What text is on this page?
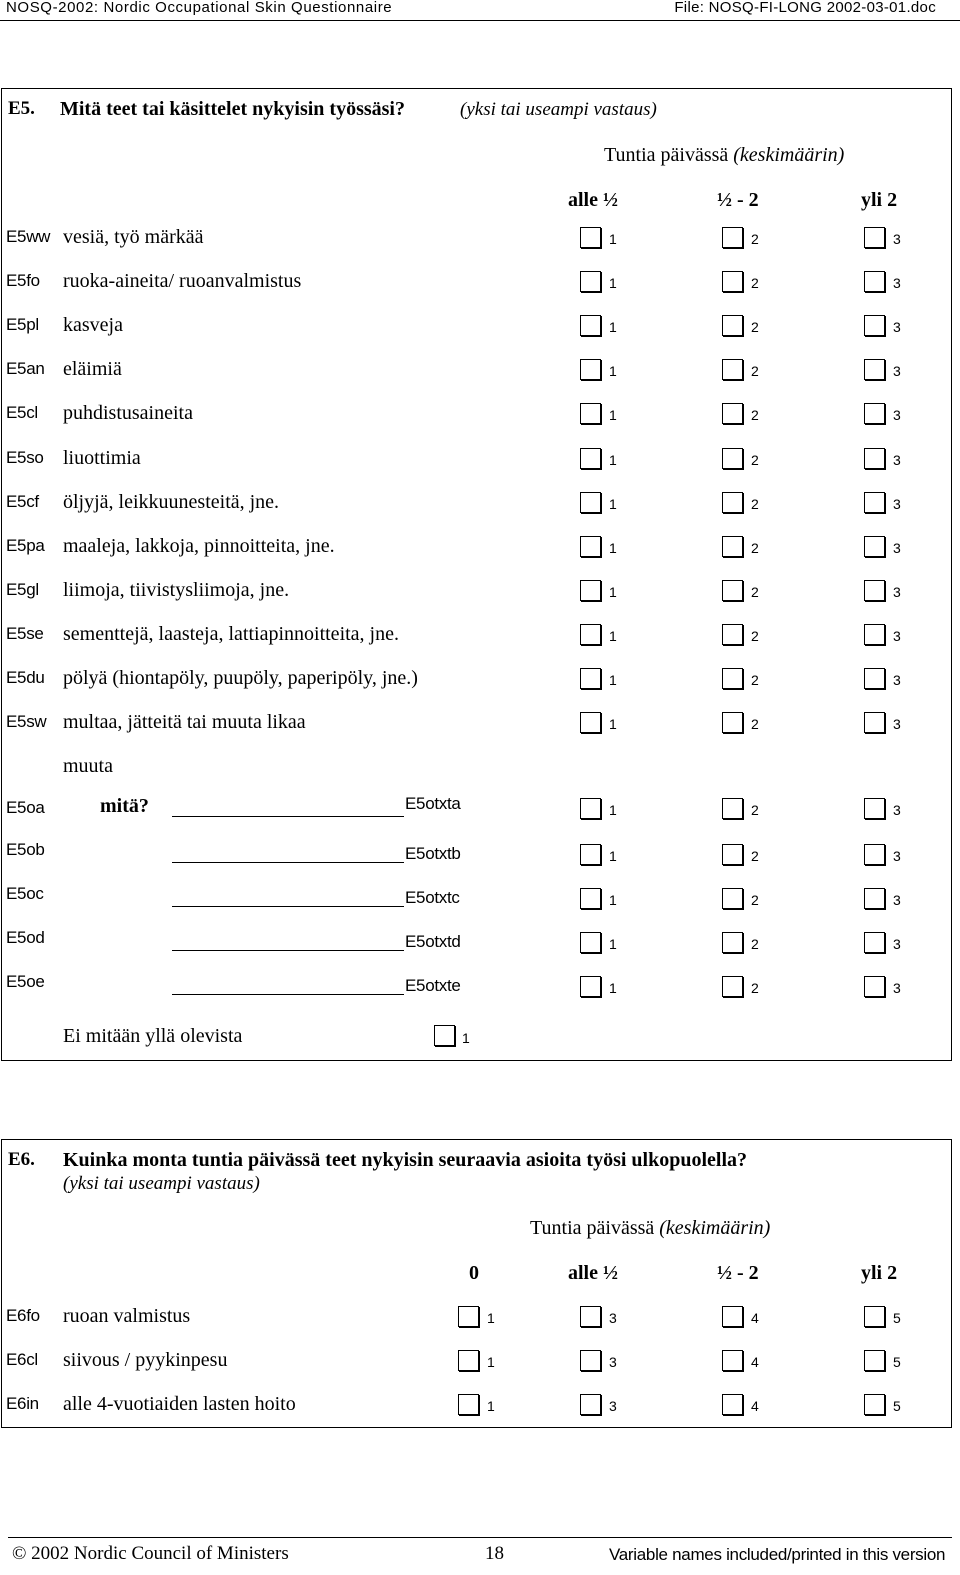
NOSQ-2002: Nordic Occupational Skin Questionnaire	File: NOSQ-FI-LONG 2002-03-01.doc
E5. Mitä teet tai käsittelet nykyisin työssäsi?	(yksi tai useampi vastaus)
Tuntia päivässä (keskimäärin)
alle ½	½ - 2	yli 2
E5ww vesiä, työ märkää	1	2	3
E5fo ruoka-aineita/ ruoanvalmistus	1	2	3
E5pl kasveja	1	2	3
E5an eläimiä	1	2	3
E5cl puhdistusaineita	1	2	3
E5so liuottimia	1	2	3
E5cf öljyjä, leikkuunesteitä, jne.	1	2	3
E5pa maaleja, lakkoja, pinnoitteita, jne.	1	2	3
E5gl liimoja, tiivistysliimoja, jne.	1	2	3
E5se sementtejä, laasteja, lattiapinnoitteita, jne.	1	2	3
E5du pölyä (hiontapöly, puupöly, paperipöly, jne.)	1	2	3
E5sw multaa, jätteitä tai muuta likaa	1	2	3
E5oa	E5otxta	1	2	3
E5ob	E5otxtb	1	2	3
E5oc	E5otxtc	1	2	3
E5od	E5otxtd	1	2	3
E5oe	E5otxte	1	2	3
muuta
mitä?
Ei mitään yllä olevista	1
E6. Kuinka monta tuntia päivässä teet nykyisin seuraavia asioita työsi ulkopuolella?
(yksi tai useampi vastaus)
Tuntia päivässä (keskimäärin)
0	alle ½	½ - 2	yli 2
E6fo ruoan valmistus	1	3	4	5
E6cl siivous / pyykinpesu	1	3	4	5
E6in alle 4-vuotiaiden lasten hoito	1	3	4	5
© 2002 Nordic Council of Ministers	18	Variable names included/printed in this version
